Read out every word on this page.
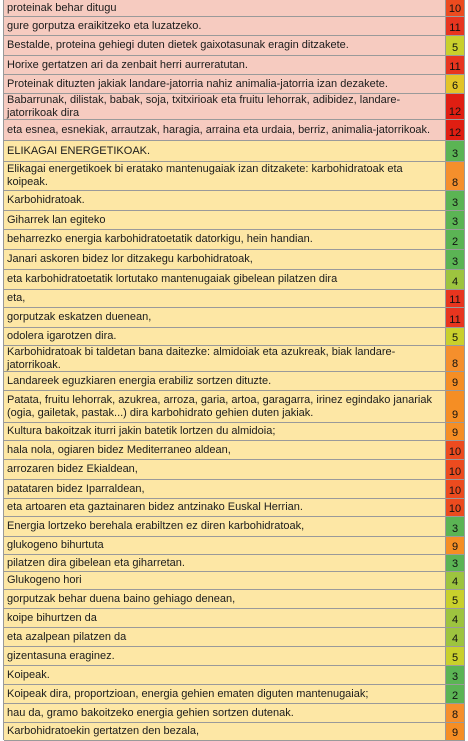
proteinak behar ditugu	10
gure gorputza eraikitzeko eta luzatzeko.	11
Bestalde, proteina gehiegi duten dietek gaixotasunak eragin ditzakete.	5
Horixe gertatzen ari da zenbait herri aurreratutan.	11
Proteinak dituzten jakiak landare-jatorria nahiz animalia-jatorria izan dezakete.	6
Babarrunak, dilistak, babak, soja, txitxirioak eta fruitu lehorrak, adibidez, landare-jatorrikoak dira	12
eta esnea, esnekiak, arrautzak, haragia, arraina eta urdaia, berriz, animalia-jatorrikoak. 12
ELIKAGAI ENERGETIKOAK.	3
Elikagai energetikoek bi eratako mantenugaiak izan ditzakete: karbohidratoak eta koipeak.	8
Karbohidratoak.	3
Giharrek lan egiteko	3
beharrezko energia karbohidratoetatik datorkigu, hein handian.	2
Janari askoren bidez lor ditzakegu karbohidratoak,	3
eta karbohidratoetatik lortutako mantenugaiak gibelean pilatzen dira	4
eta,	11
gorputzak eskatzen duenean,	11
odolera igarotzen dira.	5
Karbohidratoak bi taldetan bana daitezke: almidoiak eta azukreak, biak landare-jatorrikoak.	8
Landareek eguzkiaren energia erabiliz sortzen dituzte.	9
Patata, fruitu lehorrak, azukrea, arroza, garia, artoa, garagarra, irinez egindako janariak (ogia, gailetak, pastak...) dira karbohidrato gehien duten jakiak.	9
Kultura bakoitzak iturri jakin batetik lortzen du almidoia;	9
hala nola, ogiaren bidez Mediterraneo aldean,	10
arrozaren bidez Ekialdean,	10
patataren bidez Iparraldean,	10
eta artoaren eta gaztainaren bidez antzinako Euskal Herrian.	10
Energia lortzeko berehala erabiltzen ez diren karbohidratoak,	3
glukogeno bihurtuta	9
pilatzen dira gibelean eta giharretan.	3
Glukogeno hori	4
gorputzak behar duena baino gehiago denean,	5
koipe bihurtzen da	4
eta azalpean pilatzen da	4
gizentasuna eraginez.	5
Koipeak.	3
Koipeak dira, proportzioan, energia gehien ematen diguten mantenugaiak;	2
hau da, gramo bakoitzeko energia gehien sortzen dutenak.	8
Karbohidratoekin gertatzen den bezala,	9
